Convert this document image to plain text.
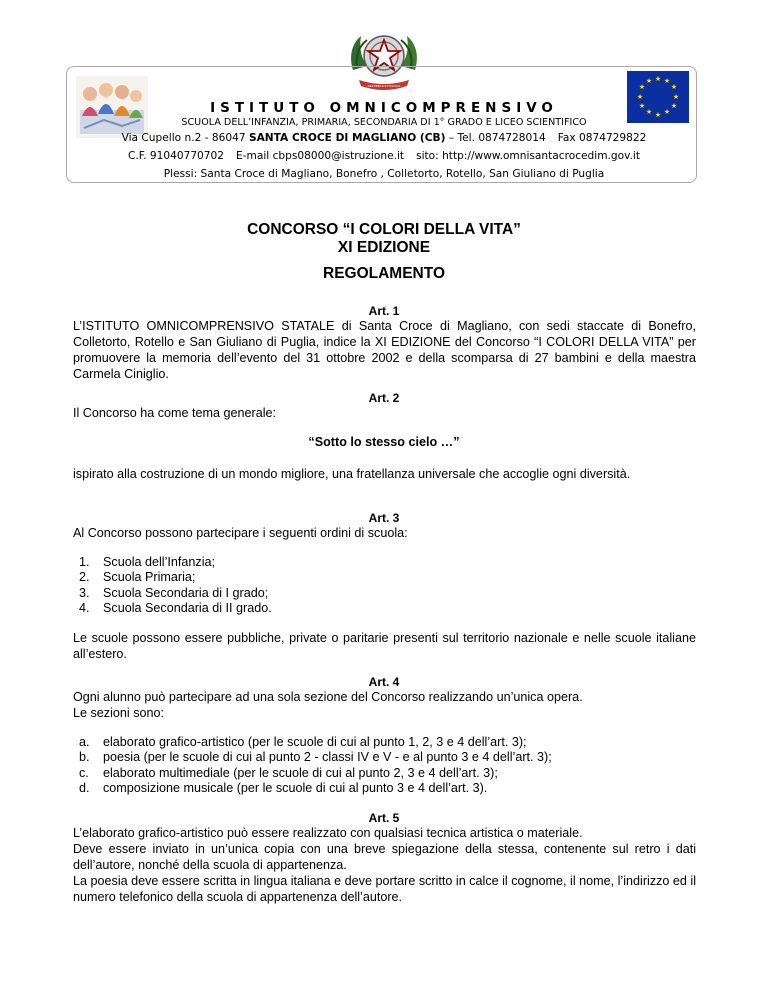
REPUBBLICA ITALIANA
★ ★
★
★
★
★
★
★
★
★
★
★
ISTITUTO OMNICOMPRENSIVO
SCUOLA DELL’INFANZIA, PRIMARIA, SECONDARIA DI 1° GRADO E LICEO SCIENTIFICO
Via Cupello n.2 - 86047 SANTA CROCE DI MAGLIANO (CB) – Tel. 0874728014 Fax 0874729822
C.F. 91040770702 E-mail cbps08000@istruzione.it sito: http://www.omnisantacrocedim.gov.it
Plessi: Santa Croce di Magliano, Bonefro , Colletorto, Rotello, San Giuliano di Puglia
CONCORSO “I COLORI DELLA VITA”
XI EDIZIONE
REGOLAMENTO
Art. 1
L’ISTITUTO OMNICOMPRENSIVO STATALE di Santa Croce di Magliano, con sedi staccate di Bonefro, Colletorto, Rotello e San Giuliano di Puglia, indice la XI EDIZIONE del Concorso “I COLORI DELLA VITA” per promuovere la memoria dell’evento del 31 ottobre 2002 e della scomparsa di 27 bambini e della maestra Carmela Ciniglio.
Art. 2
Il Concorso ha come tema generale:
“Sotto lo stesso cielo …”
ispirato alla costruzione di un mondo migliore, una fratellanza universale che accoglie ogni diversità.
Art. 3
Al Concorso possono partecipare i seguenti ordini di scuola:
1. Scuola dell’Infanzia;
2. Scuola Primaria;
3. Scuola Secondaria di I grado;
4. Scuola Secondaria di II grado.
Le scuole possono essere pubbliche, private o paritarie presenti sul territorio nazionale e nelle scuole italiane all’estero.
Art. 4
Ogni alunno può partecipare ad una sola sezione del Concorso realizzando un’unica opera.
Le sezioni sono:
a. elaborato grafico-artistico (per le scuole di cui al punto 1, 2, 3 e 4 dell’art. 3);
b. poesia (per le scuole di cui al punto 2 - classi IV e V - e al punto 3 e 4 dell’art. 3);
c. elaborato multimediale (per le scuole di cui al punto 2, 3 e 4 dell’art. 3);
d. composizione musicale (per le scuole di cui al punto 3 e 4 dell’art. 3).
Art. 5
L’elaborato grafico-artistico può essere realizzato con qualsiasi tecnica artistica o materiale.
Deve essere inviato in un’unica copia con una breve spiegazione della stessa, contenente sul retro i dati dell’autore, nonché della scuola di appartenenza.
La poesia deve essere scritta in lingua italiana e deve portare scritto in calce il cognome, il nome, l’indirizzo ed il numero telefonico della scuola di appartenenza dell’autore.
